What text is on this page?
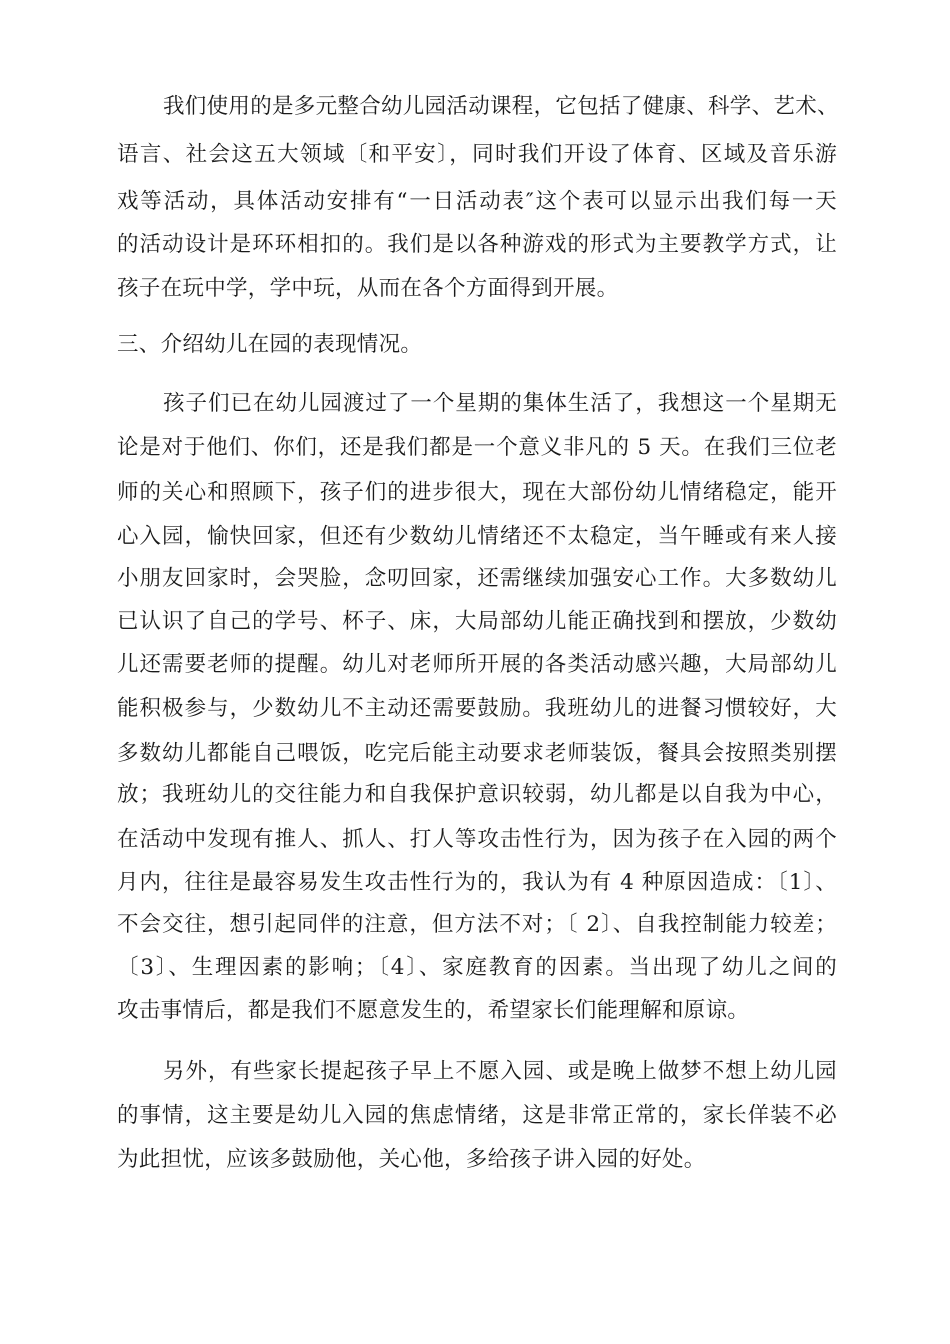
我们使用的是多元整合幼儿园活动课程，它包括了健康、科学、艺术、
语言、社会这五大领域〔和平安〕，同时我们开设了体育、区域及音乐游
戏等活动，具体活动安排有“一日活动表″这个表可以显示出我们每一天
的活动设计是环环相扣的。我们是以各种游戏的形式为主要教学方式，让
孩子在玩中学，学中玩，从而在各个方面得到开展。
三、介绍幼儿在园的表现情况。
孩子们已在幼儿园渡过了一个星期的集体生活了，我想这一个星期无
论是对于他们、你们，还是我们都是一个意义非凡的 5 天。在我们三位老
师的关心和照顾下，孩子们的进步很大，现在大部份幼儿情绪稳定，能开
心入园，愉快回家，但还有少数幼儿情绪还不太稳定，当午睡或有来人接
小朋友回家时，会哭脸，念叨回家，还需继续加强安心工作。大多数幼儿
已认识了自己的学号、杯子、床，大局部幼儿能正确找到和摆放，少数幼
儿还需要老师的提醒。幼儿对老师所开展的各类活动感兴趣，大局部幼儿
能积极参与，少数幼儿不主动还需要鼓励。我班幼儿的进餐习惯较好，大
多数幼儿都能自己喂饭，吃完后能主动要求老师装饭，餐具会按照类别摆
放；我班幼儿的交往能力和自我保护意识较弱，幼儿都是以自我为中心，
在活动中发现有推人、抓人、打人等攻击性行为，因为孩子在入园的两个
月内，往往是最容易发生攻击性行为的，我认为有 4 种原因造成：〔1〕、
不会交往，想引起同伴的注意，但方法不对；〔 2〕、自我控制能力较差；
〔3〕、生理因素的影响；〔4〕、家庭教育的因素。当出现了幼儿之间的
攻击事情后，都是我们不愿意发生的，希望家长们能理解和原谅。
另外，有些家长提起孩子早上不愿入园、或是晚上做梦不想上幼儿园
的事情，这主要是幼儿入园的焦虑情绪，这是非常正常的，家长佯装不必
为此担忧，应该多鼓励他，关心他，多给孩子讲入园的好处。
